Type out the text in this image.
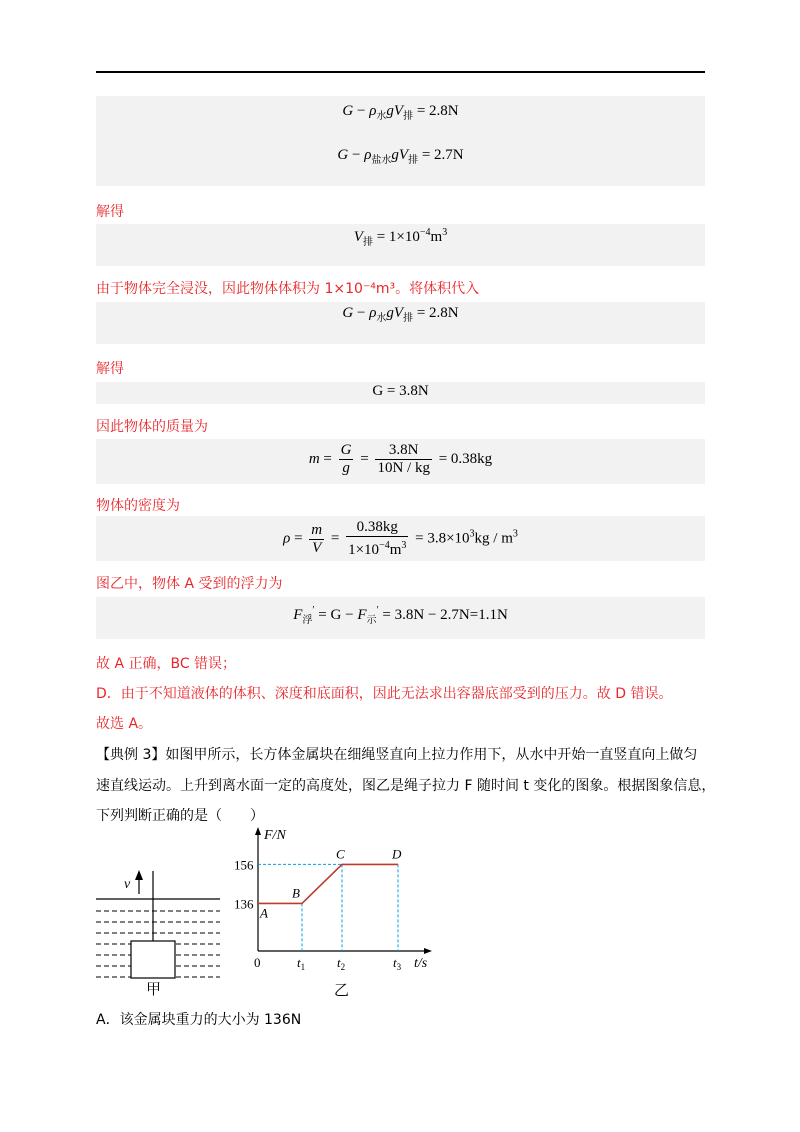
$G - \rho_水gV_排 = 2.8N$
$G - \rho_{盐水}gV_排 = 2.7N$
解得
$V_排 = 1\times 10^{-4}m^3$
由于物体完全浸没，因此物体体积为 1×10⁻⁴m³。将体积代入
$G - \rho_水gV_排 = 2.8N$
解得
G = 3.8N
因此物体的质量为
$m = \frac{G}{g} = \frac{3.8N}{10N / kg} = 0.38kg$
物体的密度为
$\rho = \frac{m}{V} = \frac{0.38kg}{1\times 10^{-4}m^3} = 3.8\times 10^3kg / m^3$
图乙中，物体 A 受到的浮力为
$F_浮' = G - F_示' = 3.8N - 2.7N=1.1N$
故 A 正确，BC 错误；
D．由于不知道液体的体积、深度和底面积，因此无法求出容器底部受到的压力。故 D 错误。
故选 A。
【典例 3】如图甲所示，长方体金属块在细绳竖直向上拉力作用下，从水中开始一直竖直向上做匀
速直线运动。上升到离水面一定的高度处，图乙是绳子拉力 F 随时间 t 变化的图象。根据图象信息，
下列判断正确的是（　　）
v
甲
A
B
C	D
156
136
0	$t_1$ $t_2$	$t_3$
F/N
t/s
乙
A．该金属块重力的大小为 136N
